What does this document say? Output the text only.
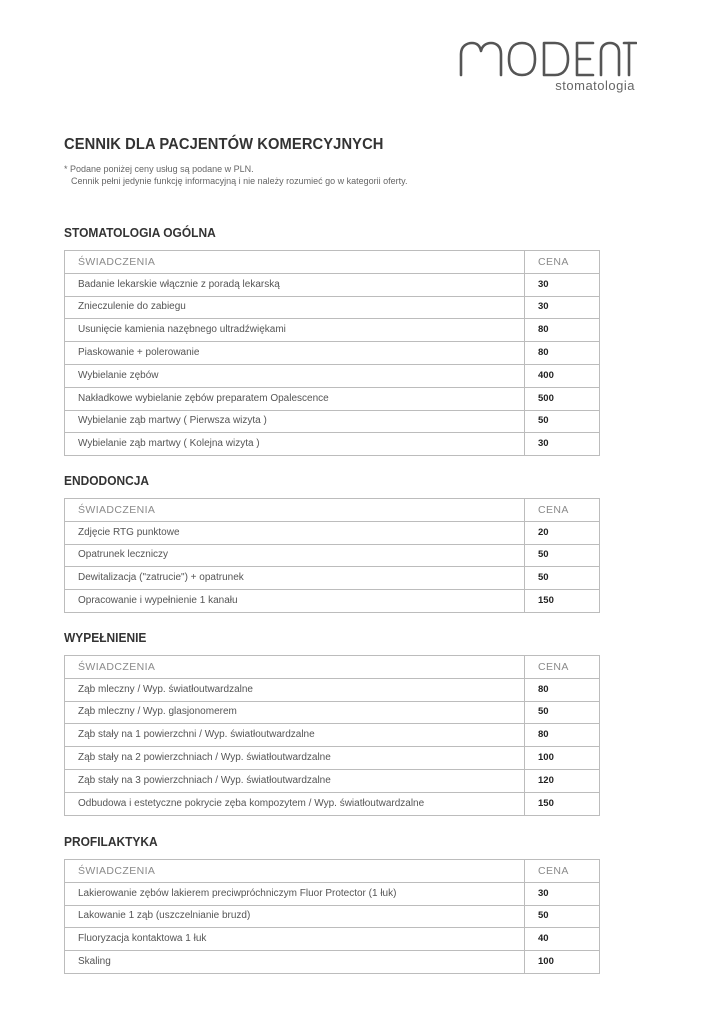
stomatologia
CENNIK DLA PACJENTÓW KOMERCYJNYCH
* Podane poniżej ceny usług są podane w PLN.
Cennik pełni jedynie funkcję informacyjną i nie należy rozumieć go w kategorii oferty.
STOMATOLOGIA OGÓLNA
ŚWIADCZENIA	CENA
Badanie lekarskie włącznie z poradą lekarską	30
Znieczulenie do zabiegu	30
Usunięcie kamienia nazębnego ultradźwiękami	80
Piaskowanie + polerowanie	80
Wybielanie zębów	400
Nakładkowe wybielanie zębów preparatem Opalescence	500
Wybielanie ząb martwy ( Pierwsza wizyta )	50
Wybielanie ząb martwy ( Kolejna wizyta )	30
ENDODONCJA
ŚWIADCZENIA	CENA
Zdjęcie RTG punktowe	20
Opatrunek leczniczy	50
Dewitalizacja ("zatrucie") + opatrunek	50
Opracowanie i wypełnienie 1 kanału	150
WYPEŁNIENIE
ŚWIADCZENIA	CENA
Ząb mleczny / Wyp. światłoutwardzalne	80
Ząb mleczny / Wyp. glasjonomerem	50
Ząb stały na 1 powierzchni / Wyp. światłoutwardzalne	80
Ząb stały na 2 powierzchniach / Wyp. światłoutwardzalne	100
Ząb stały na 3 powierzchniach / Wyp. światłoutwardzalne	120
Odbudowa i estetyczne pokrycie zęba kompozytem / Wyp. światłoutwardzalne	150
PROFILAKTYKA
ŚWIADCZENIA	CENA
Lakierowanie zębów lakierem preciwpróchniczym Fluor Protector (1 łuk)	30
Lakowanie 1 ząb (uszczelnianie bruzd)	50
Fluoryzacja kontaktowa 1 łuk	40
Skaling	100
